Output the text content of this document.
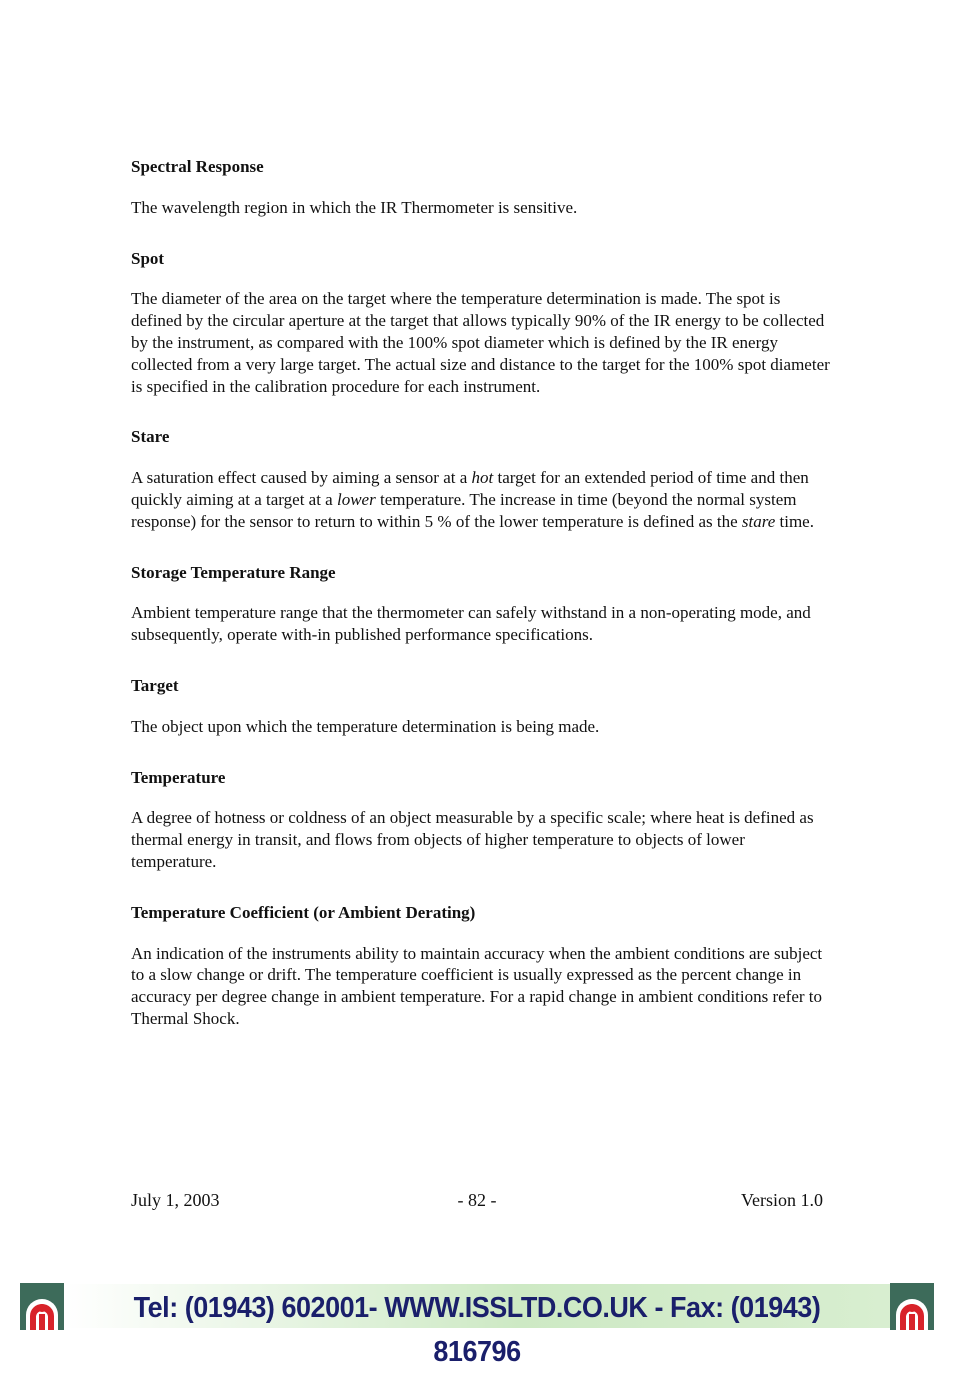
Spectral Response
The wavelength region in which the IR Thermometer is sensitive.
Spot
The diameter of the area on the target where the temperature determination is made. The spot is defined by the circular aperture at the target that allows typically 90% of the IR energy to be collected by the instrument, as compared with the 100% spot diameter which is defined by the IR energy collected from a very large target. The actual size and distance to the target for the 100% spot diameter is specified in the calibration procedure for each instrument.
Stare
A saturation effect caused by aiming a sensor at a hot target for an extended period of time and then quickly aiming at a target at a lower temperature. The increase in time (beyond the normal system response) for the sensor to return to within 5 % of the lower temperature is defined as the stare time.
Storage Temperature Range
Ambient temperature range that the thermometer can safely withstand in a non-operating mode, and subsequently, operate with-in published performance specifications.
Target
The object upon which the temperature determination is being made.
Temperature
A degree of hotness or coldness of an object measurable by a specific scale; where heat is defined as thermal energy in transit, and flows from objects of higher temperature to objects of lower temperature.
Temperature Coefficient (or Ambient Derating)
An indication of the instruments ability to maintain accuracy when the ambient conditions are subject to a slow change or drift. The temperature coefficient is usually expressed as the percent change in accuracy per degree change in ambient temperature. For a rapid change in ambient conditions refer to Thermal Shock.
July 1, 2003	- 82 -	Version 1.0
Tel: (01943) 602001- WWW.ISSLTD.CO.UK - Fax: (01943) 816796
